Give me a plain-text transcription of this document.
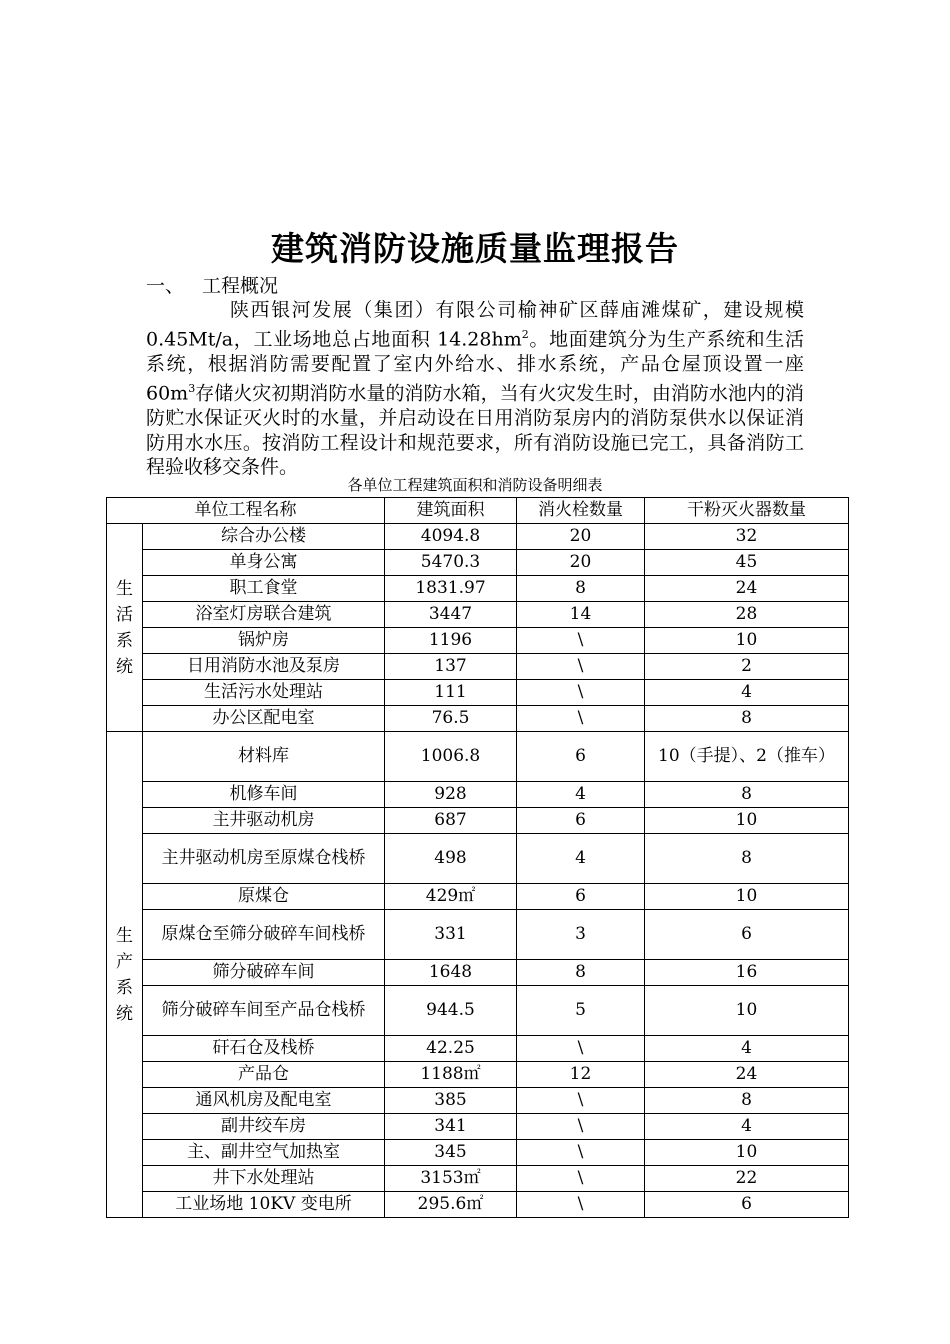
建筑消防设施质量监理报告
一、 工程概况
陕西银河发展（集团）有限公司榆神矿区薛庙滩煤矿，建设规模 0.45Mt/a，工业场地总占地面积 $14.28hm^2$。地面建筑分为生产系统和生活系统，根据消防需要配置了室内外给水、排水系统，产品仓屋顶设置一座 $60m^3$存储火灾初期消防水量的消防水箱，当有火灾发生时，由消防水池内的消防贮水保证灭火时的水量，并启动设在日用消防泵房内的消防泵供水以保证消防用水水压。按消防工程设计和规范要求，所有消防设施已完工，具备消防工程验收移交条件。
各单位工程建筑面积和消防设备明细表
单位工程名称		建筑面积	消火栓数量	干粉灭火器数量

生
活
系
统	综合办公楼	4094.8	20	32
	单身公寓	5470.3	20	45
	职工食堂	1831.97	8	24
	浴室灯房联合建筑	3447	14	28
	锅炉房	1196	\	10
	日用消防水池及泵房	137	\	2
	生活污水处理站	111	\	4
	办公区配电室	76.5	\	8

生
产
系
统	材料库	1006.8	6	10（手提）、2（推车）
	机修车间	928	4	8
	主井驱动机房	687	6	10
	主井驱动机房至原煤仓栈桥	498	4	8
	原煤仓	429㎡	6	10
	原煤仓至筛分破碎车间栈桥	331	3	6
	筛分破碎车间	1648	8	16
	筛分破碎车间至产品仓栈桥	944.5	5	10
	矸石仓及栈桥	42.25	\	4
	产品仓	1188㎡	12	24
	通风机房及配电室	385	\	8
	副井绞车房	341	\	4
	主、副井空气加热室	345	\	10
	井下水处理站	3153㎡	\	22
	工业场地 10KV 变电所	295.6㎡	\	6
